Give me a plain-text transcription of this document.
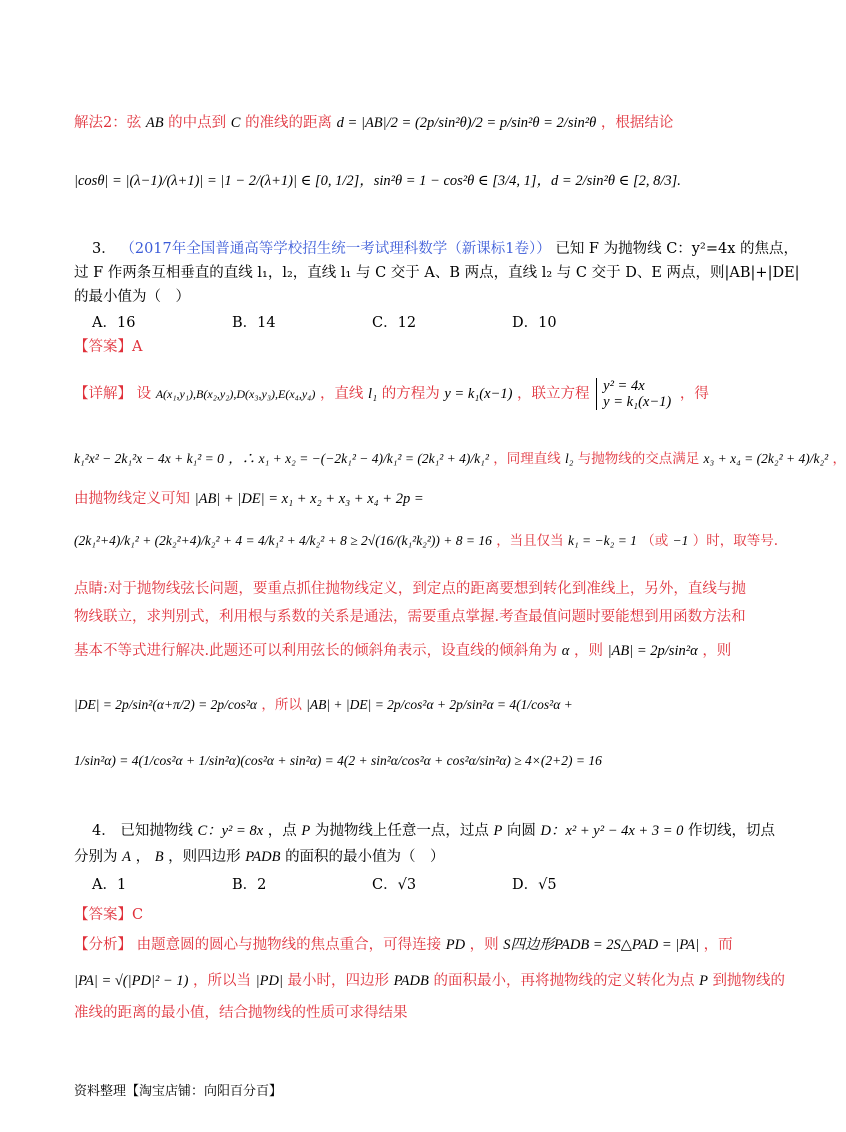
解法2：弦 AB 的中点到 C 的准线的距离 d = |AB|/2 = (2p/sin²θ)/2 = p/sin²θ = 2/sin²θ ，根据结论
|cosθ| = |(λ−1)/(λ+1)| = |1 − 2/(λ+1)| ∈ [0, 1/2]，sin²θ = 1 − cos²θ ∈ [3/4, 1]，d = 2/sin²θ ∈ [2, 8/3].
3． （2017年全国普通高等学校招生统一考试理科数学（新课标1卷）） 已知 F 为抛物线 C：y²=4x 的焦点，
过 F 作两条互相垂直的直线 l₁，l₂，直线 l₁ 与 C 交于 A、B 两点，直线 l₂ 与 C 交于 D、E 两点，则|AB|+|DE|
的最小值为（　）
A．16	B．14	C．12	D．10
【答案】A
【详解】 设 A(x₁,y₁),B(x₂,y₂),D(x₃,y₃),E(x₄,y₄) ，直线 l₁ 的方程为 y = k₁(x−1) ，联立方程 y² = 4x
y = k₁(x−1) ，得
k₁²x² − 2k₁²x − 4x + k₁² = 0 ，∴ x₁ + x₂ = −(−2k₁² − 4)/k₁² = (2k₁² + 4)/k₁² ，同理直线 l₂ 与抛物线的交点满足 x₃ + x₄ = (2k₂² + 4)/k₂² ，
由抛物线定义可知 |AB| + |DE| = x₁ + x₂ + x₃ + x₄ + 2p =
(2k₁²+4)/k₁² + (2k₂²+4)/k₂² + 4 = 4/k₁² + 4/k₂² + 8 ≥ 2√(16/(k₁²k₂²)) + 8 = 16 ，当且仅当 k₁ = −k₂ = 1 （或 −1 ）时，取等号.
点睛:对于抛物线弦长问题，要重点抓住抛物线定义，到定点的距离要想到转化到准线上，另外，直线与抛
物线联立，求判别式，利用根与系数的关系是通法，需要重点掌握.考查最值问题时要能想到用函数方法和
基本不等式进行解决.此题还可以利用弦长的倾斜角表示，设直线的倾斜角为 α ，则 |AB| = 2p/sin²α ，则
|DE| = 2p/sin²(α+π/2) = 2p/cos²α ，所以 |AB| + |DE| = 2p/cos²α + 2p/sin²α = 4(1/cos²α +
1/sin²α) = 4(1/cos²α + 1/sin²α)(cos²α + sin²α) = 4(2 + sin²α/cos²α + cos²α/sin²α) ≥ 4×(2+2) = 16
4． 已知抛物线 C：y² = 8x ，点 P 为抛物线上任意一点，过点 P 向圆 D：x² + y² − 4x + 3 = 0 作切线，切点
分别为 A ， B ，则四边形 PADB 的面积的最小值为（　）
A．1	B．2	C．√3	D．√5
【答案】C
【分析】 由题意圆的圆心与抛物线的焦点重合，可得连接 PD ，则 S四边形PADB = 2S△PAD = |PA| ，而
|PA| = √(|PD|² − 1) ，所以当 |PD| 最小时，四边形 PADB 的面积最小，再将抛物线的定义转化为点 P 到抛物线的
准线的距离的最小值，结合抛物线的性质可求得结果
资料整理【淘宝店铺：向阳百分百】
